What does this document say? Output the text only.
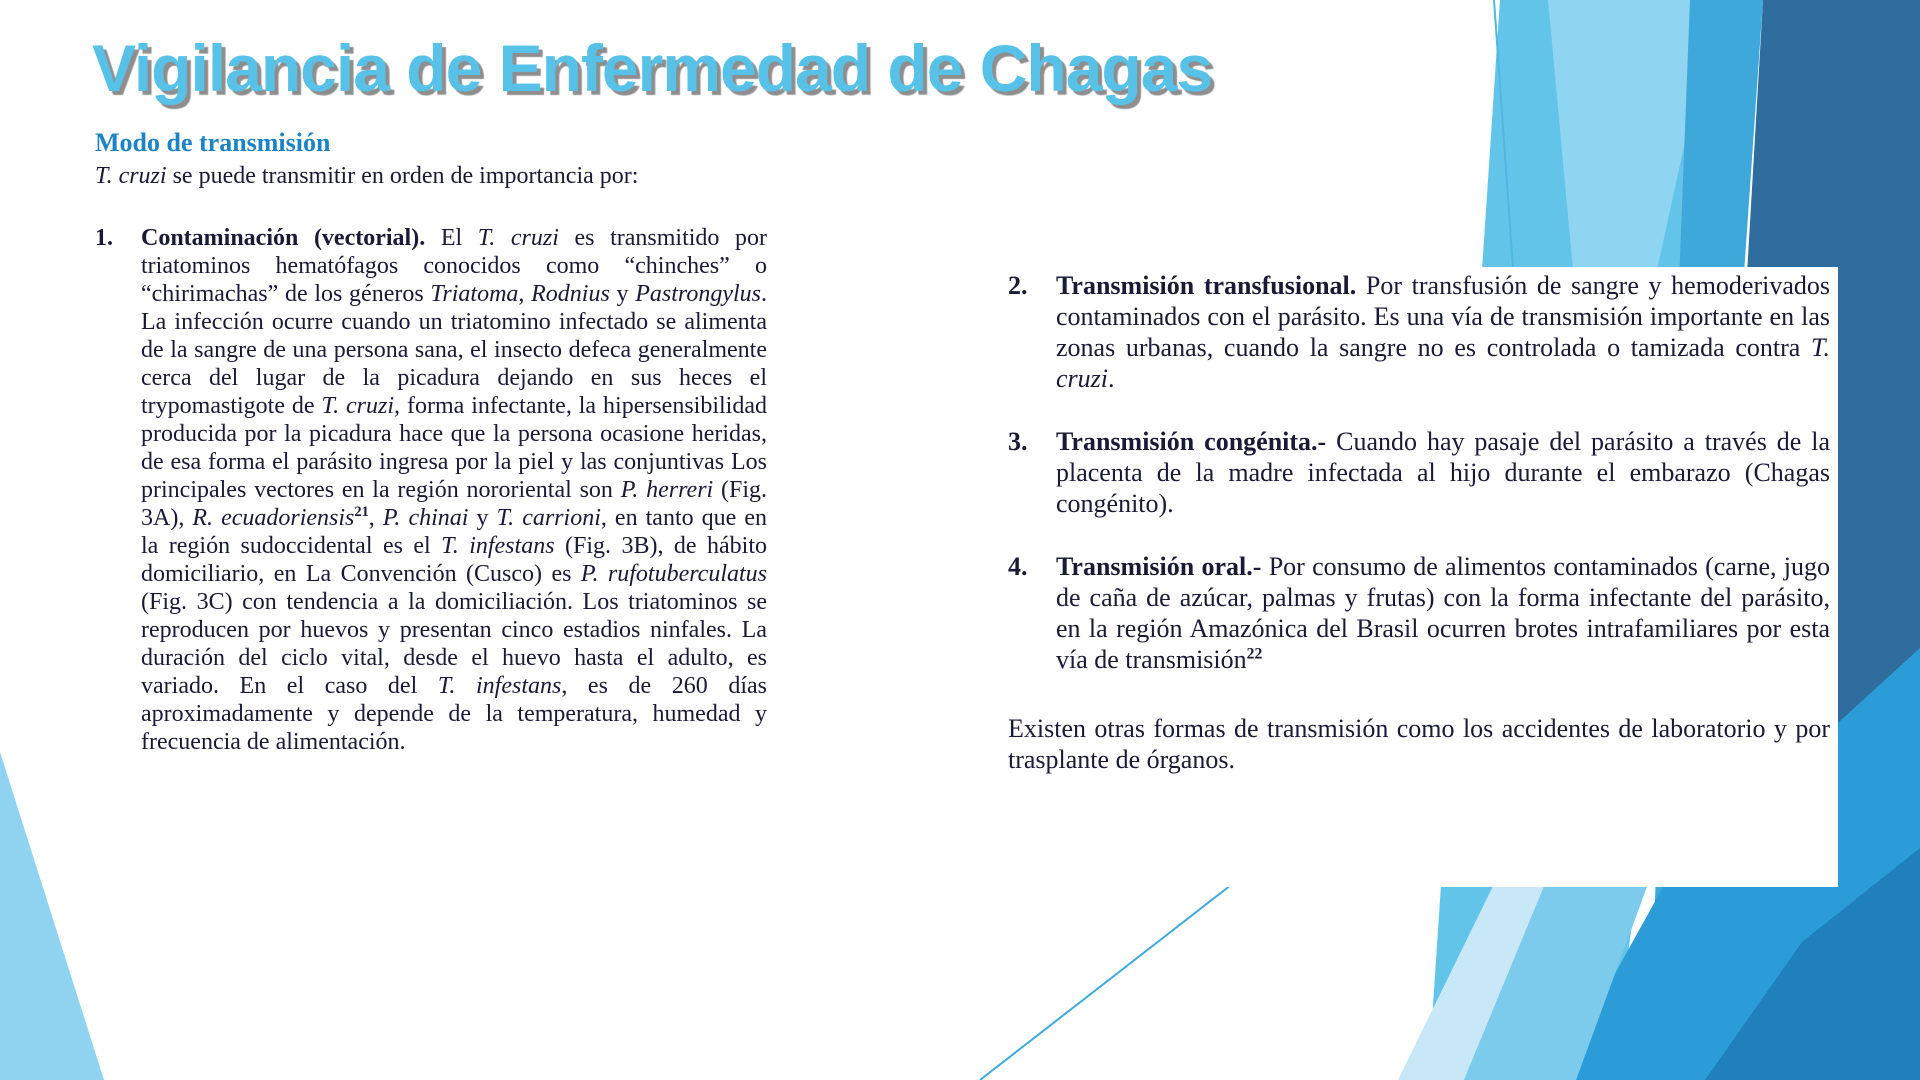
Vigilancia de Enfermedad de Chagas
Modo de transmisión

T. cruzi se puede transmitir en orden de importancia por:

1.	Contaminación (vectorial). El T. cruzi es transmitido por triatominos hematófagos conocidos como “chinches” o “chirimachas” de los géneros Triatoma, Rodnius y Pastrongylus. La infección ocurre cuando un triatomino infectado se alimenta de la sangre de una persona sana, el insecto defeca generalmente cerca del lugar de la picadura dejando en sus heces el trypomastigote de T. cruzi, forma infectante, la hipersensibilidad producida por la picadura hace que la persona ocasione heridas, de esa forma el parásito ingresa por la piel y las conjuntivas Los principales vectores en la región nororiental son P. herreri (Fig. 3A), R. ecuadoriensis$^{21}$, P. chinai y T. carrioni, en tanto que en la región sudoccidental es el T. infestans (Fig. 3B), de hábito domiciliario, en La Convención (Cusco) es P. rufotuberculatus (Fig. 3C) con tendencia a la domiciliación. Los triatominos se reproducen por huevos y presentan cinco estadios ninfales. La duración del ciclo vital, desde el huevo hasta el adulto, es variado. En el caso del T. infestans, es de 260 días aproximadamente y depende de la temperatura, humedad y frecuencia de alimentación.

2.	Transmisión transfusional. Por transfusión de sangre y hemoderivados contaminados con el parásito. Es una vía de transmisión importante en las zonas urbanas, cuando la sangre no es controlada o tamizada contra T. cruzi.

3.	Transmisión congénita.- Cuando hay pasaje del parásito a través de la placenta de la madre infectada al hijo durante el embarazo (Chagas congénito).

4.	Transmisión oral.- Por consumo de alimentos contaminados (carne, jugo de caña de azúcar, palmas y frutas) con la forma infectante del parásito, en la región Amazónica del Brasil ocurren brotes intrafamiliares por esta vía de transmisión$^{22}$

Existen otras formas de transmisión como los accidentes de laboratorio y por trasplante de órganos.
